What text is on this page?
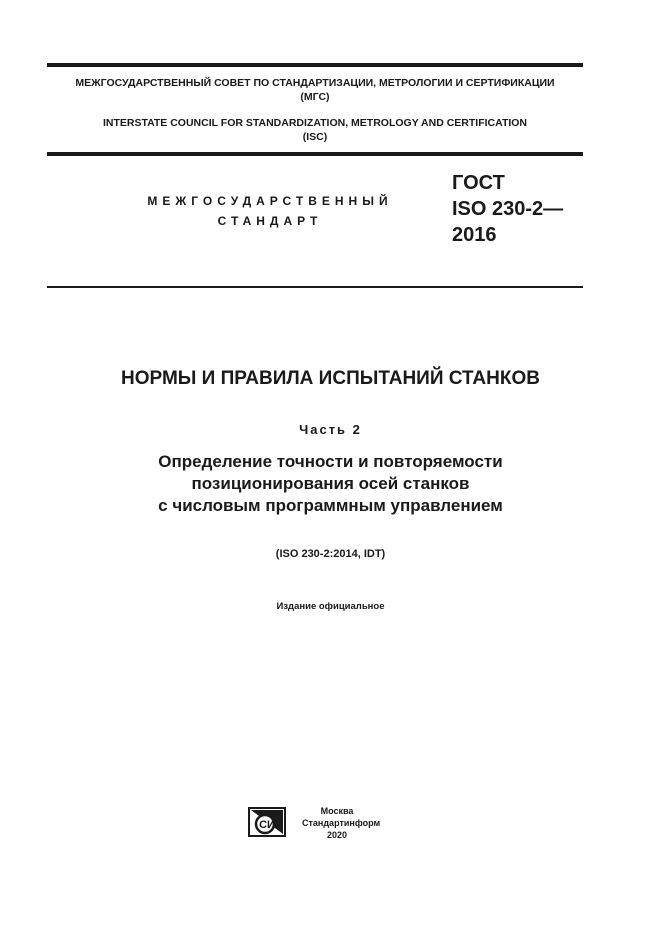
МЕЖГОСУДАРСТВЕННЫЙ СОВЕТ ПО СТАНДАРТИЗАЦИИ, МЕТРОЛОГИИ И СЕРТИФИКАЦИИ
(МГС)
INTERSTATE COUNCIL FOR STANDARDIZATION, METROLOGY AND CERTIFICATION
(ISC)
МЕЖГОСУДАРСТВЕННЫЙ
СТАНДАРТ
ГОСТ
ISO 230-2—
2016
НОРМЫ И ПРАВИЛА ИСПЫТАНИЙ СТАНКОВ
Часть 2
Определение точности и повторяемости
позиционирования осей станков
с числовым программным управлением
(ISO 230-2:2014, IDT)
Издание официальное
СИ
Москва
Стандартинформ
2020
